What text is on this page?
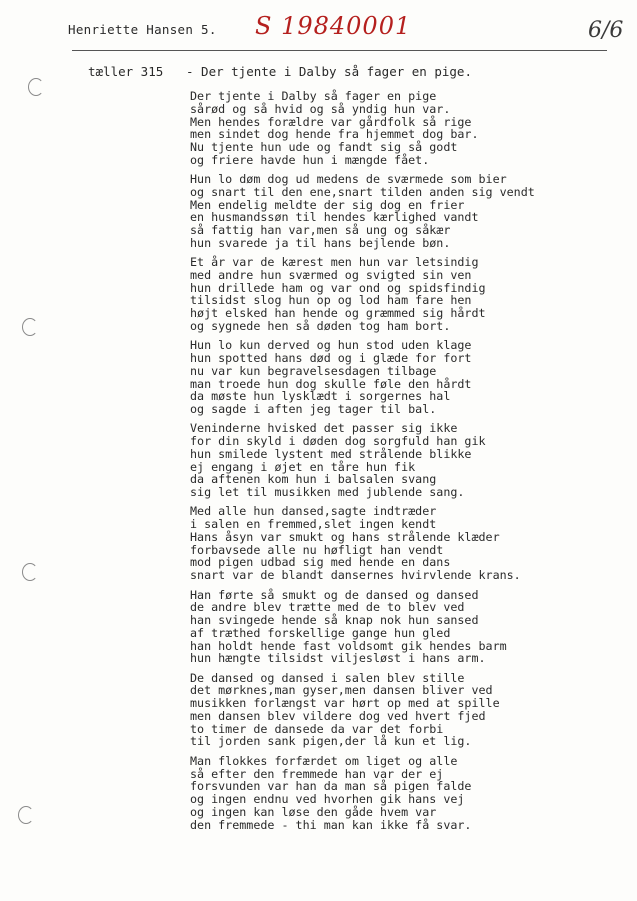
Henriette Hansen 5. S 19840001	6/6
tæller 315 - Der tjente i Dalby så fager en pige.
Der tjente i Dalby så fager en pige
sårød og så hvid og så yndig hun var.
Men hendes forældre var gårdfolk så rige
men sindet dog hende fra hjemmet dog bar.
Nu tjente hun ude og fandt sig så godt
og friere havde hun i mængde fået.
Hun lo døm dog ud medens de sværmede som bier
og snart til den ene,snart tilden anden sig vendt
Men endelig meldte der sig dog en frier
en husmandssøn til hendes kærlighed vandt
så fattig han var,men så ung og såkær
hun svarede ja til hans bejlende bøn.
Et år var de kærest men hun var letsindig
med andre hun sværmed og svigted sin ven
hun drillede ham og var ond og spidsfindig
tilsidst slog hun op og lod ham fare hen
højt elsked han hende og græmmed sig hårdt
og sygnede hen så døden tog ham bort.
Hun lo kun derved og hun stod uden klage
hun spotted hans død og i glæde for fort
nu var kun begravelsesdagen tilbage
man troede hun dog skulle føle den hårdt
da møste hun lysklædt i sorgernes hal
og sagde i aften jeg tager til bal.
Veninderne hvisked det passer sig ikke
for din skyld i døden dog sorgfuld han gik
hun smilede lystent med strålende blikke
ej engang i øjet en tåre hun fik
da aftenen kom hun i balsalen svang
sig let til musikken med jublende sang.
Med alle hun dansed,sagte indtræder
i salen en fremmed,slet ingen kendt
Hans åsyn var smukt og hans strålende klæder
forbavsede alle nu høfligt han vendt
mod pigen udbad sig med hende en dans
snart var de blandt dansernes hvirvlende krans.
Han førte så smukt og de dansed og dansed
de andre blev trætte med de to blev ved
han svingede hende så knap nok hun sansed
af træthed forskellige gange hun gled
han holdt hende fast voldsomt gik hendes barm
hun hængte tilsidst viljesløst i hans arm.
De dansed og dansed i salen blev stille
det mørknes,man gyser,men dansen bliver ved
musikken forlængst var hørt op med at spille
men dansen blev vildere dog ved hvert fjed
to timer de dansede da var det forbi
til jorden sank pigen,der lå kun et lig.
Man flokkes forfærdet om liget og alle
så efter den fremmede han var der ej
forsvunden var han da man så pigen falde
og ingen endnu ved hvorhen gik hans vej
og ingen kan løse den gåde hvem var
den fremmede - thi man kan ikke få svar.
